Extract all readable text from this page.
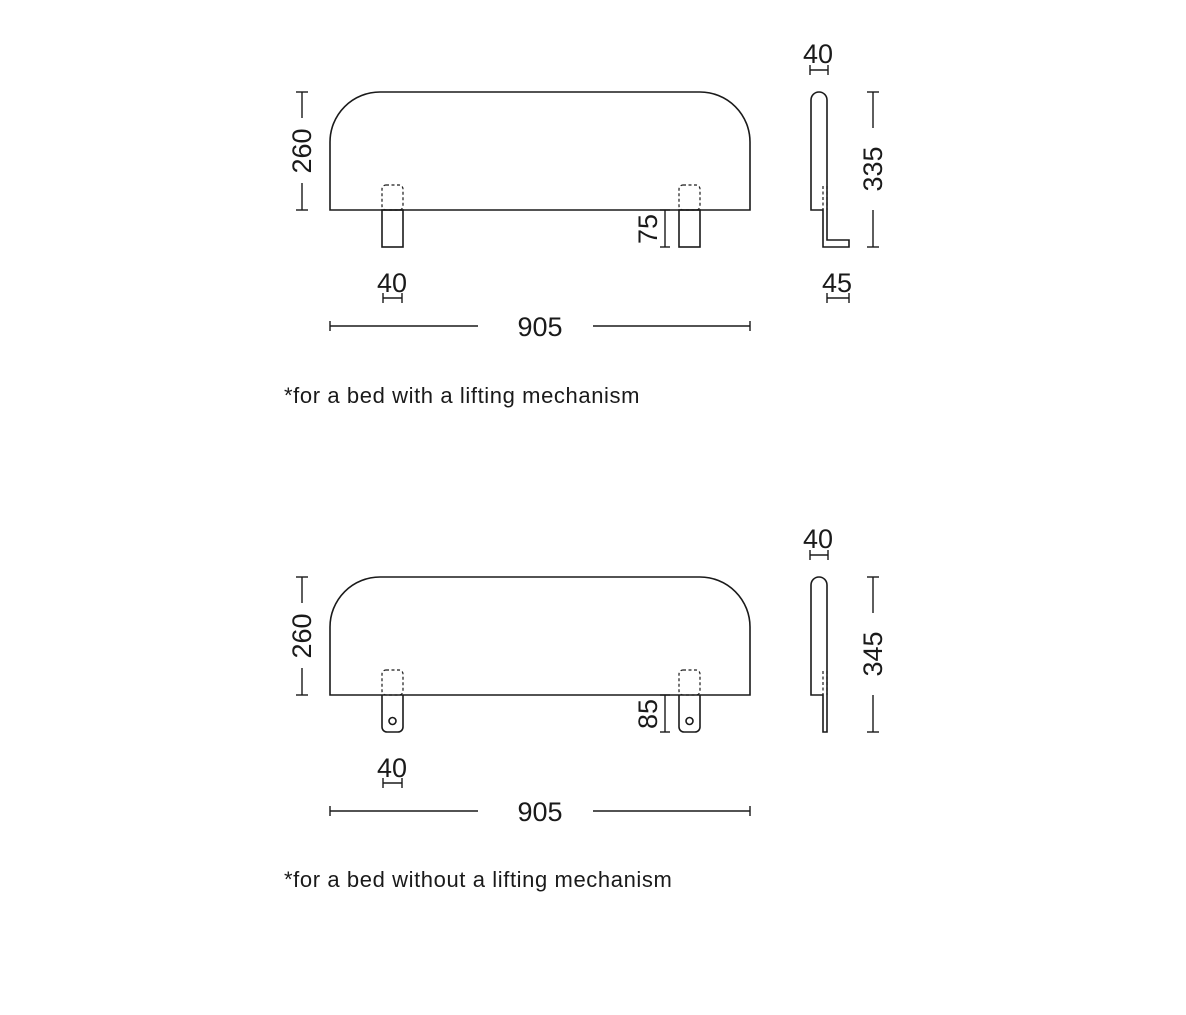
260
75
40
905
40
335
45
*for a bed with a lifting mechanism
260
85
40
905
40
345
*for a bed without a lifting mechanism
